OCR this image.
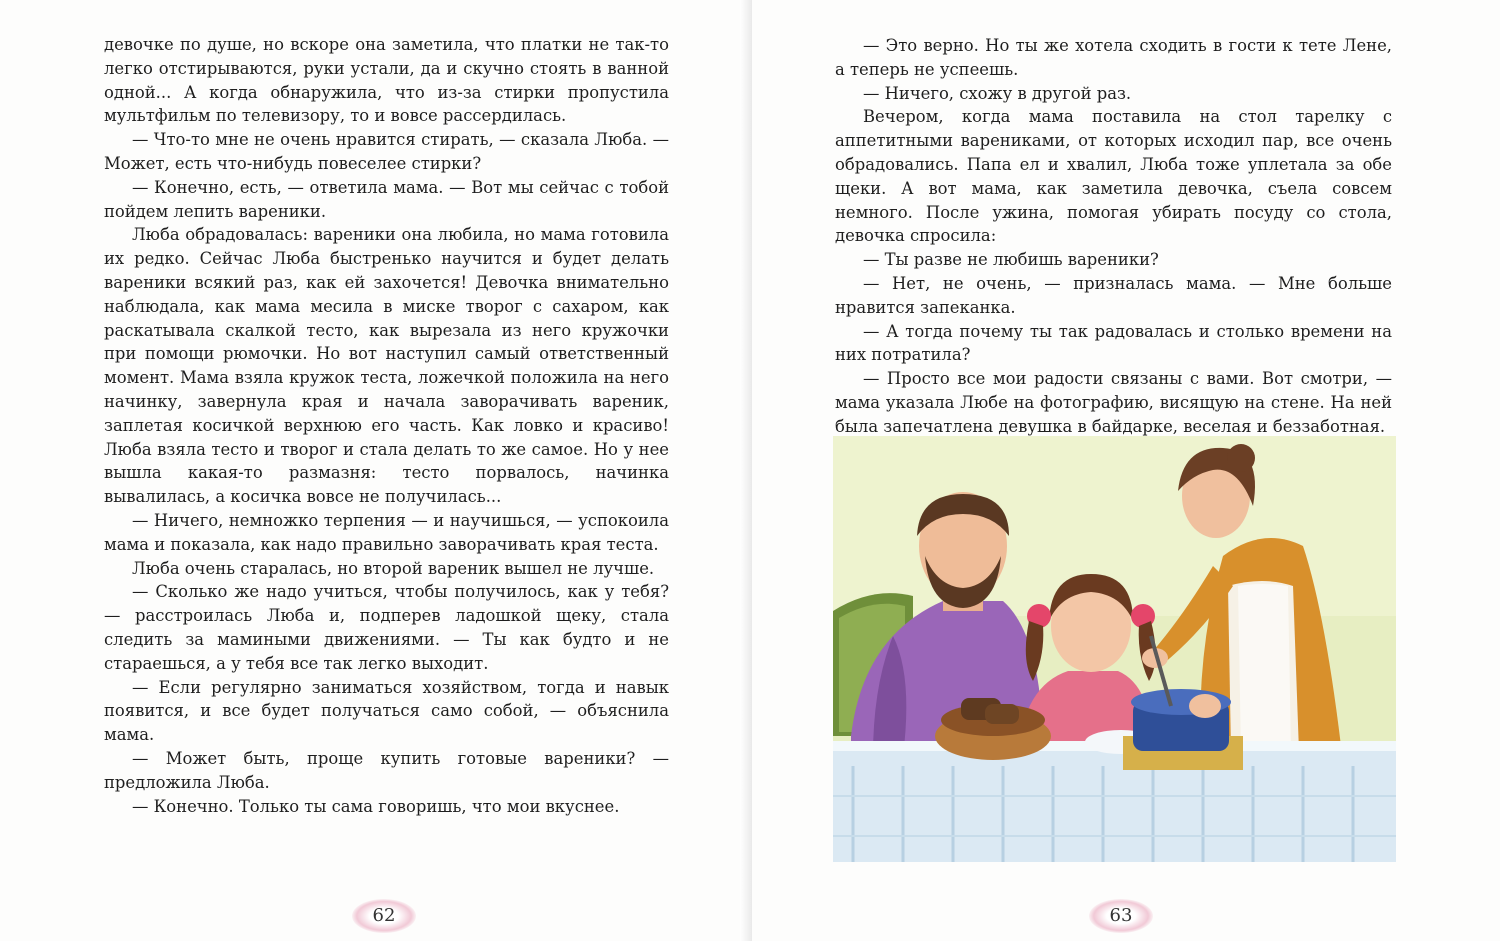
девочке по душе, но вскоре она заметила, что платки не так-то легко отстирываются, руки устали, да и скучно стоять в ванной одной... А когда обнаружила, что из-за стирки пропустила мультфильм по телевизору, то и вовсе рассердилась.

— Что-то мне не очень нравится стирать, — сказала Люба. — Может, есть что-нибудь повеселее стирки?

— Конечно, есть, — ответила мама. — Вот мы сейчас с тобой пойдем лепить вареники.

Люба обрадовалась: вареники она любила, но мама готовила их редко. Сейчас Люба быстренько научится и будет делать вареники всякий раз, как ей захочется! Девочка внимательно наблюдала, как мама месила в миске творог с сахаром, как раскатывала скалкой тесто, как вырезала из него кружочки при помощи рюмочки. Но вот наступил самый ответственный момент. Мама взяла кружок теста, ложечкой положила на него начинку, завернула края и начала заворачивать вареник, заплетая косичкой верхнюю его часть. Как ловко и красиво! Люба взяла тесто и творог и стала делать то же самое. Но у нее вышла какая-то размазня: тесто порвалось, начинка вывалилась, а косичка вовсе не получилась...

— Ничего, немножко терпения — и научишься, — успокоила мама и показала, как надо правильно заворачивать края теста.

Люба очень старалась, но второй вареник вышел не лучше.

— Сколько же надо учиться, чтобы получилось, как у тебя? — расстроилась Люба и, подперев ладошкой щеку, стала следить за мамиными движениями. — Ты как будто и не стараешься, а у тебя все так легко выходит.

— Если регулярно заниматься хозяйством, тогда и навык появится, и все будет получаться само собой, — объяснила мама.

— Может быть, проще купить готовые вареники? — предложила Люба.

— Конечно. Только ты сама говоришь, что мои вкуснее.

— Это верно. Но ты же хотела сходить в гости к тете Лене, а теперь не успеешь.

— Ничего, схожу в другой раз.

Вечером, когда мама поставила на стол тарелку с аппетитными варениками, от которых исходил пар, все очень обрадовались. Папа ел и хвалил, Люба тоже уплетала за обе щеки. А вот мама, как заметила девочка, съела совсем немного. После ужина, помогая убирать посуду со стола, девочка спросила:

— Ты разве не любишь вареники?

— Нет, не очень, — призналась мама. — Мне больше нравится запеканка.

— А тогда почему ты так радовалась и столько времени на них потратила?

— Просто все мои радости связаны с вами. Вот смотри, — мама указала Любе на фотографию, висящую на стене. На ней была запечатлена девушка в байдарке, веселая и беззаботная.

62	63
